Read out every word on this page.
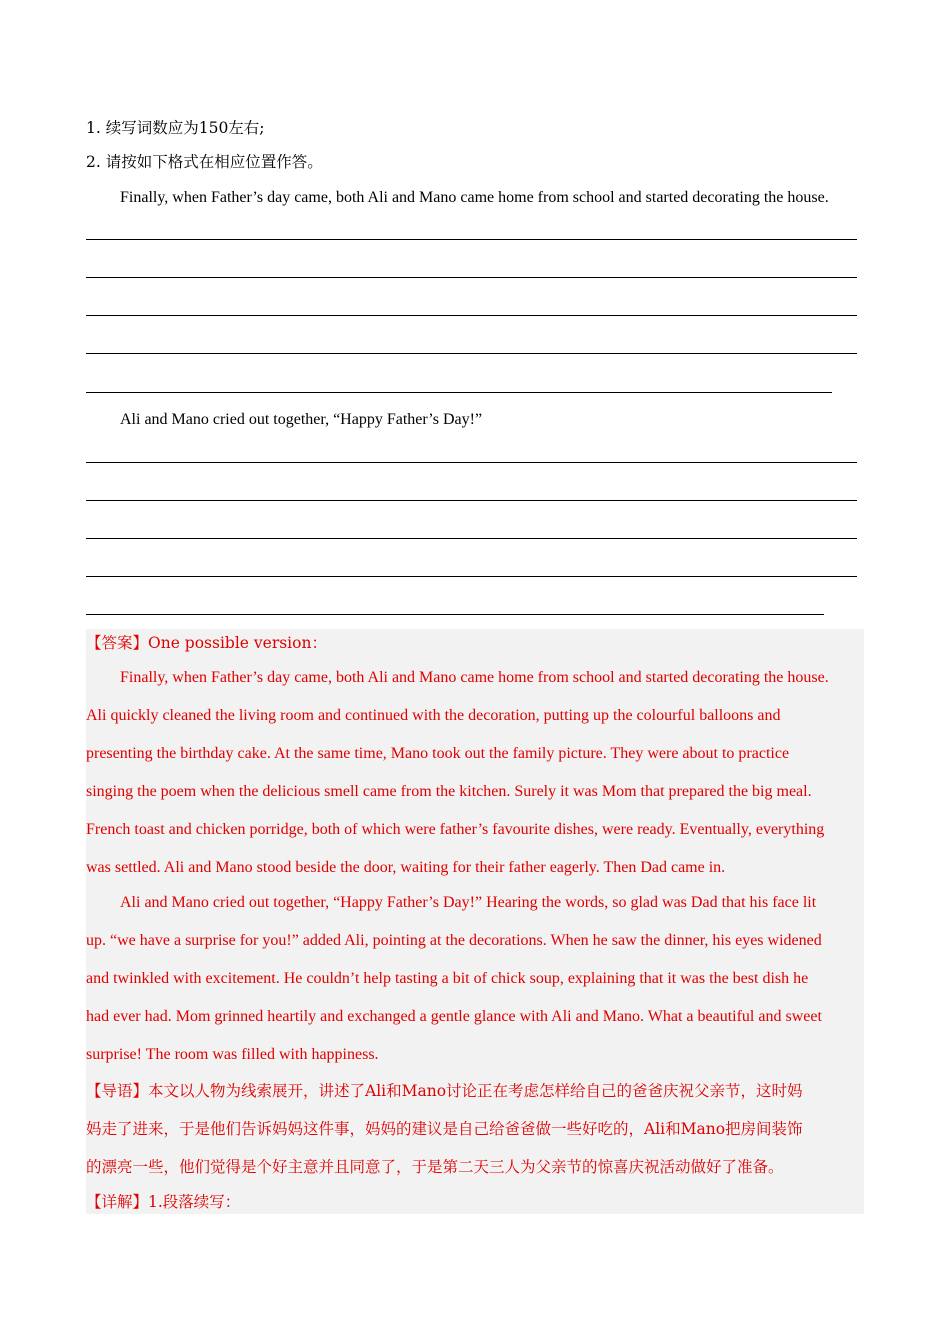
1. 续写词数应为150左右;
2. 请按如下格式在相应位置作答。
Finally, when Father’s day came, both Ali and Mano came home from school and started decorating the house.
Ali and Mano cried out together, “Happy Father’s Day!”
【答案】One possible version：
Finally, when Father’s day came, both Ali and Mano came home from school and started decorating the house.
Ali quickly cleaned the living room and continued with the decoration, putting up the colourful balloons and
presenting the birthday cake. At the same time, Mano took out the family picture. They were about to practice
singing the poem when the delicious smell came from the kitchen. Surely it was Mom that prepared the big meal.
French toast and chicken porridge, both of which were father’s favourite dishes, were ready. Eventually, everything
was settled. Ali and Mano stood beside the door, waiting for their father eagerly. Then Dad came in.
Ali and Mano cried out together, “Happy Father’s Day!” Hearing the words, so glad was Dad that his face lit
up. “we have a surprise for you!” added Ali, pointing at the decorations. When he saw the dinner, his eyes widened
and twinkled with excitement. He couldn’t help tasting a bit of chick soup, explaining that it was the best dish he
had ever had. Mom grinned heartily and exchanged a gentle glance with Ali and Mano. What a beautiful and sweet
surprise! The room was filled with happiness.
【导语】本文以人物为线索展开，讲述了Ali和Mano讨论正在考虑怎样给自己的爸爸庆祝父亲节，这时妈
妈走了进来，于是他们告诉妈妈这件事，妈妈的建议是自己给爸爸做一些好吃的，Ali和Mano把房间装饰
的漂亮一些，他们觉得是个好主意并且同意了，于是第二天三人为父亲节的惊喜庆祝活动做好了准备。
【详解】1.段落续写：
